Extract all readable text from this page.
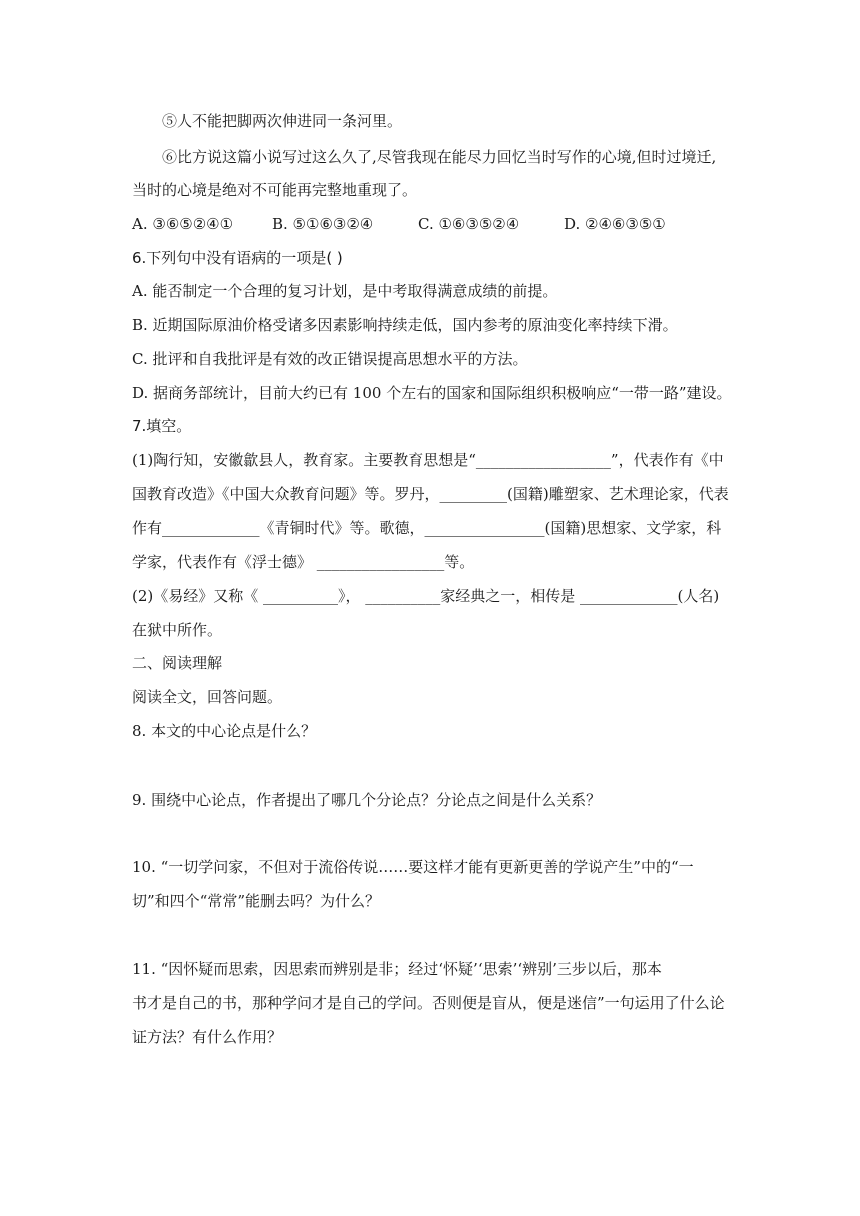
⑤人不能把脚两次伸进同一条河里。
⑥比方说这篇小说写过这么久了,尽管我现在能尽力回忆当时写作的心境,但时过境迁,
当时的心境是绝对不可能再完整地重现了。
A. ③⑥⑤②④①	B. ⑤①⑥③②④	C. ①⑥③⑤②④	D. ②④⑥③⑤①
6.下列句中没有语病的一项是( )
A. 能否制定一个合理的复习计划，是中考取得满意成绩的前提。
B. 近期国际原油价格受诸多因素影响持续走低，国内参考的原油变化率持续下滑。
C. 批评和自我批评是有效的改正错误提高思想水平的方法。
D. 据商务部统计，目前大约已有 100 个左右的国家和国际组织积极响应“一带一路”建设。
7.填空。
(1)陶行知，安徽歙县人，教育家。主要教育思想是“__________________”，代表作有《中
国教育改造》《中国大众教育问题》等。罗丹，_________(国籍)雕塑家、艺术理论家，代表
作有_____________《青铜时代》等。歌德，________________(国籍)思想家、文学家，科
学家，代表作有《浮士德》 _________________等。
(2)《易经》又称《 __________》， __________家经典之一，相传是 _____________(人名)
在狱中所作。
二、阅读理解
阅读全文，回答问题。
8. 本文的中心论点是什么？
9. 围绕中心论点，作者提出了哪几个分论点？分论点之间是什么关系？
10. “一切学问家，不但对于流俗传说……要这样才能有更新更善的学说产生”中的“一
切”和四个“常常”能删去吗？为什么？
11. “因怀疑而思索，因思索而辨别是非；经过‘怀疑’‘思索’‘辨别’三步以后，那本
书才是自己的书，那种学问才是自己的学问。否则便是盲从，便是迷信”一句运用了什么论
证方法？有什么作用？
